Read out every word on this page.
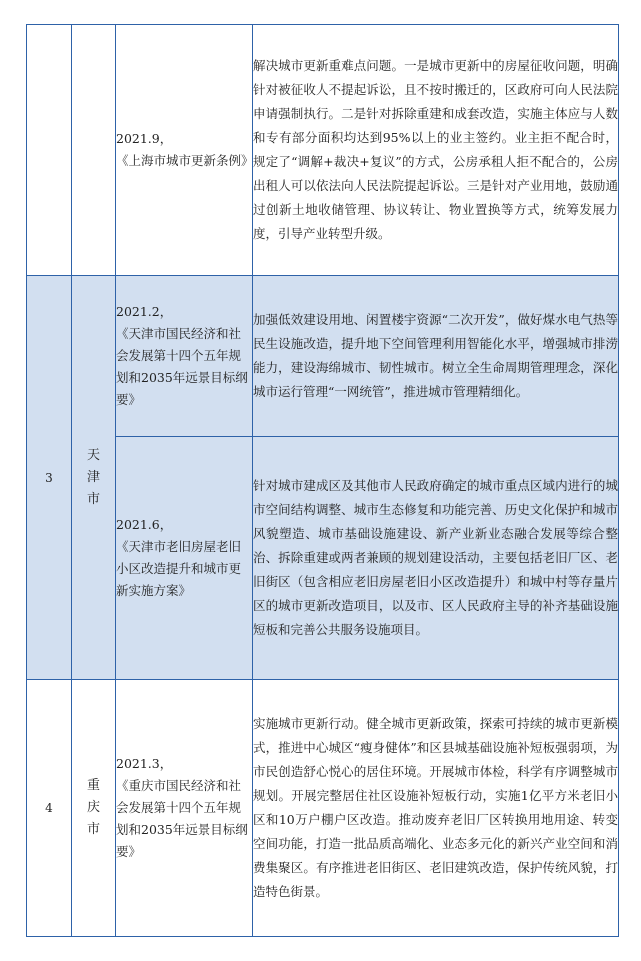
		2021.9，
《上海市城市更新条例》	解决城市更新重难点问题。一是城市更新中的房屋征收问题，明确针对被征收人不提起诉讼，且不按时搬迁的，区政府可向人民法院申请强制执行。二是针对拆除重建和成套改造，实施主体应与人数和专有部分面积均达到95%以上的业主签约。业主拒不配合时，规定了“调解+裁决+复议”的方式，公房承租人拒不配合的，公房出租人可以依法向人民法院提起诉讼。三是针对产业用地，鼓励通过创新土地收储管理、协议转让、物业置换等方式，统筹发展力度，引导产业转型升级。
3	天津市	2021.2，
《天津市国民经济和社会发展第十四个五年规划和2035年远景目标纲要》	加强低效建设用地、闲置楼宇资源“二次开发”，做好煤水电气热等民生设施改造，提升地下空间管理利用智能化水平，增强城市排涝能力，建设海绵城市、韧性城市。树立全生命周期管理理念，深化城市运行管理“一网统管”，推进城市管理精细化。

		2021.6，
《天津市老旧房屋老旧小区改造提升和城市更新实施方案》	针对城市建成区及其他市人民政府确定的城市重点区域内进行的城市空间结构调整、城市生态修复和功能完善、历史文化保护和城市风貌塑造、城市基础设施建设、新产业新业态融合发展等综合整治、拆除重建或两者兼顾的规划建设活动，主要包括老旧厂区、老旧街区（包含相应老旧房屋老旧小区改造提升）和城中村等存量片区的城市更新改造项目，以及市、区人民政府主导的补齐基础设施短板和完善公共服务设施项目。
4	重庆市	2021.3，
《重庆市国民经济和社会发展第十四个五年规划和2035年远景目标纲要》	实施城市更新行动。健全城市更新政策，探索可持续的城市更新模式，推进中心城区“瘦身健体”和区县城基础设施补短板强弱项，为市民创造舒心悦心的居住环境。开展城市体检，科学有序调整城市规划。开展完整居住社区设施补短板行动，实施1亿平方米老旧小区和10万户棚户区改造。推动废弃老旧厂区转换用地用途、转变空间功能，打造一批品质高端化、业态多元化的新兴产业空间和消费集聚区。有序推进老旧街区、老旧建筑改造，保护传统风貌，打造特色街景。
